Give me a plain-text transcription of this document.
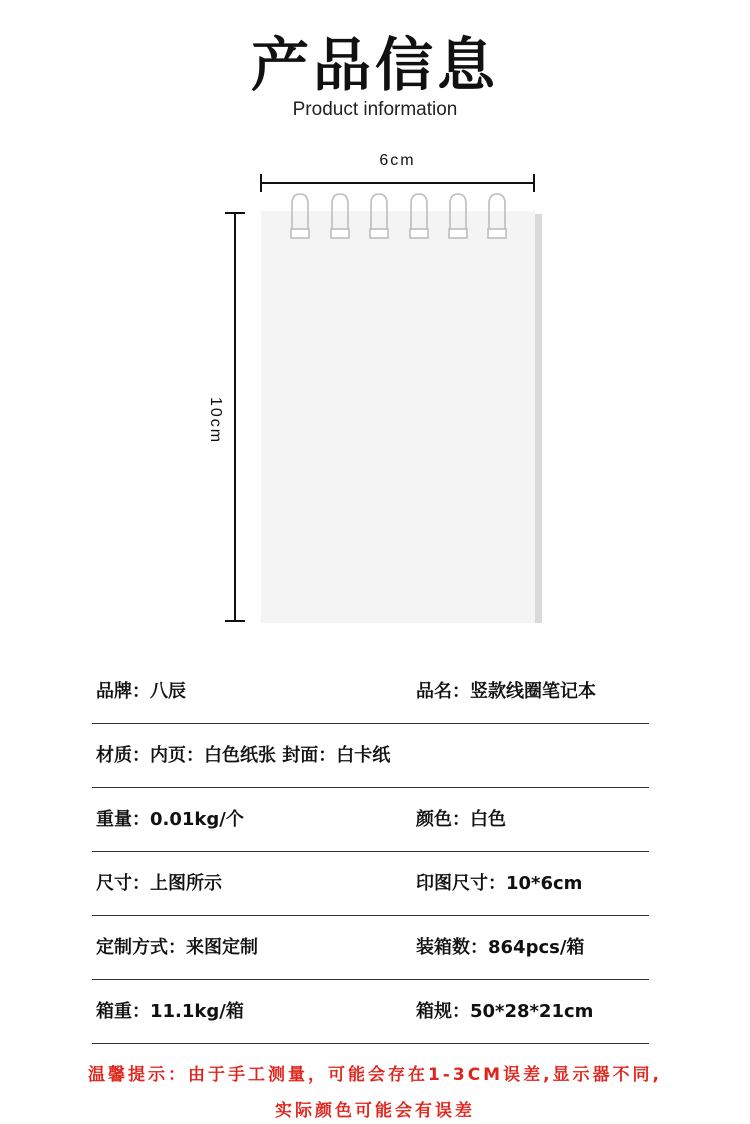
产品信息
Product information
6cm
10cm
品牌：八辰	品名：竖款线圈笔记本
材质：内页：白色纸张 封面：白卡纸
重量：0.01kg/个	颜色：白色
尺寸：上图所示	印图尺寸：10*6cm
定制方式：来图定制	装箱数：864pcs/箱
箱重：11.1kg/箱	箱规：50*28*21cm
温馨提示：由于手工测量，可能会存在1-3CM误差,显示器不同,
实际颜色可能会有误差
